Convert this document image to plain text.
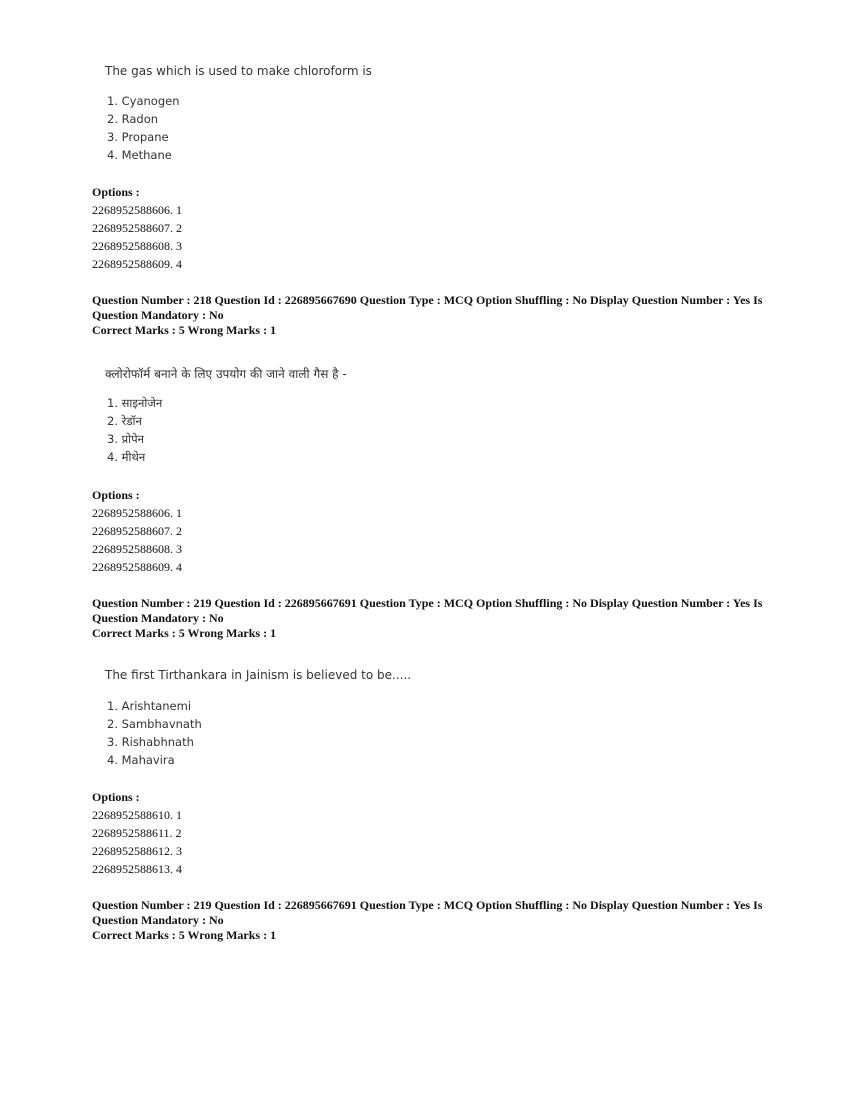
The gas which is used to make chloroform is
1. Cyanogen
2. Radon
3. Propane
4. Methane
Options :
2268952588606. 1
2268952588607. 2
2268952588608. 3
2268952588609. 4
Question Number : 218 Question Id : 226895667690 Question Type : MCQ Option Shuffling : No Display Question Number : Yes Is
Question Mandatory : No
Correct Marks : 5 Wrong Marks : 1
क्लोरोफॉर्म बनाने के लिए उपयोग की जाने वाली गैस है -
1. साइनोजेन
2. रेडॉन
3. प्रोपेन
4. मीथेन
Options :
2268952588606. 1
2268952588607. 2
2268952588608. 3
2268952588609. 4
Question Number : 219 Question Id : 226895667691 Question Type : MCQ Option Shuffling : No Display Question Number : Yes Is
Question Mandatory : No
Correct Marks : 5 Wrong Marks : 1
The first Tirthankara in Jainism is believed to be.....
1. Arishtanemi
2. Sambhavnath
3. Rishabhnath
4. Mahavira
Options :
2268952588610. 1
2268952588611. 2
2268952588612. 3
2268952588613. 4
Question Number : 219 Question Id : 226895667691 Question Type : MCQ Option Shuffling : No Display Question Number : Yes Is
Question Mandatory : No
Correct Marks : 5 Wrong Marks : 1
